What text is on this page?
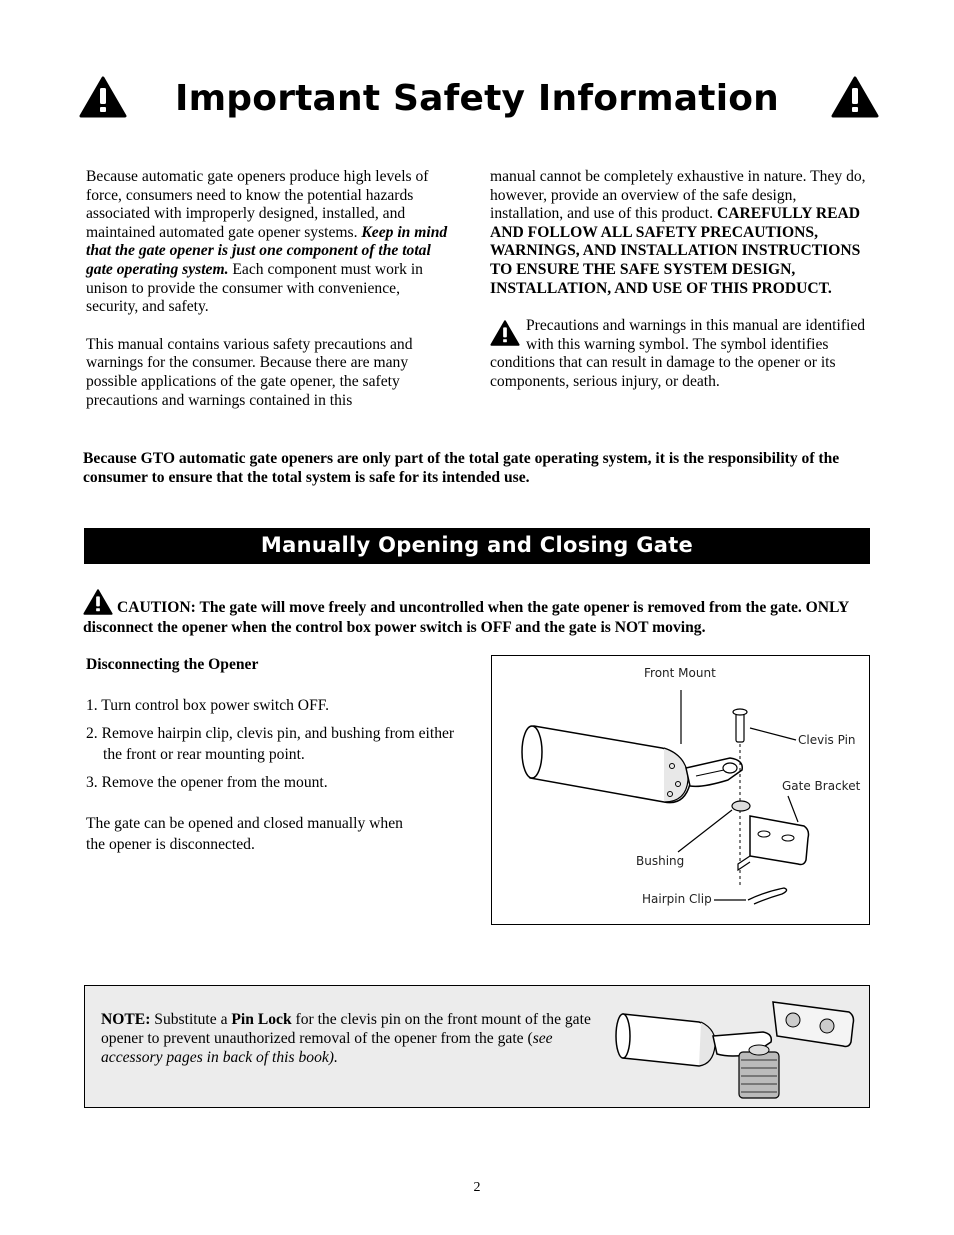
Important Safety Information

Because automatic gate openers produce high levels of force, consumers need to know the potential hazards associated with improperly designed, installed, and maintained automated gate opener systems. Keep in mind that the gate opener is just one component of the total gate operating system. Each component must work in unison to provide the consumer with convenience, security, and safety.

This manual contains various safety precautions and warnings for the consumer. Because there are many possible applications of the gate opener, the safety precautions and warnings contained in this

manual cannot be completely exhaustive in nature. They do, however, provide an overview of the safe design, installation, and use of this product. CAREFULLY READ AND FOLLOW ALL SAFETY PRECAUTIONS, WARNINGS, AND INSTALLATION INSTRUCTIONS TO ENSURE THE SAFE SYSTEM DESIGN, INSTALLATION, AND USE OF THIS PRODUCT.

Precautions and warnings in this manual are identified with this warning symbol. The symbol identifies conditions that can result in damage to the opener or its components, serious injury, or death.

Because GTO automatic gate openers are only part of the total gate operating system, it is the responsibility of the consumer to ensure that the total system is safe for its intended use.
Manually Opening and Closing Gate
CAUTION: The gate will move freely and uncontrolled when the gate opener is removed from the gate. ONLY disconnect the opener when the control box power switch is OFF and the gate is NOT moving.

Disconnecting the Opener

1. Turn control box power switch OFF.
2. Remove hairpin clip, clevis pin, and bushing from either the front or rear mounting point.
3. Remove the opener from the mount.

The gate can be opened and closed manually when the opener is disconnected.

Front Mount
Clevis Pin
Gate Bracket
Bushing
Hairpin Clip
NOTE: Substitute a Pin Lock for the clevis pin on the front mount of the gate opener to prevent unauthorized removal of the opener from the gate (see accessory pages in back of this book).
2
